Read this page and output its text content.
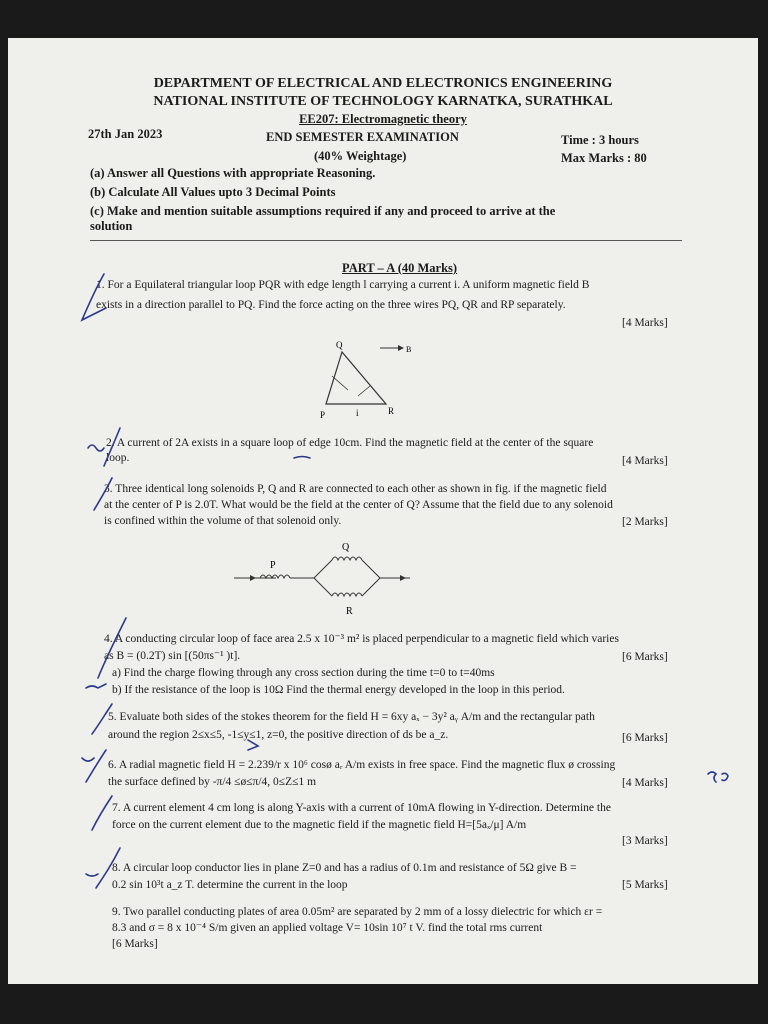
DEPARTMENT OF ELECTRICAL AND ELECTRONICS ENGINEERING
NATIONAL INSTITUTE OF TECHNOLOGY KARNATKA, SURATHKAL
EE207: Electromagnetic theory
27th Jan 2023	END SEMESTER EXAMINATION	Time : 3 hours
(40% Weightage)	Max Marks : 80
(a) Answer all Questions with appropriate Reasoning.
(b) Calculate All Values upto 3 Decimal Points
(c) Make and mention suitable assumptions required if any and proceed to arrive at the
solution
PART – A (40 Marks)
1. For a Equilateral triangular loop PQR with edge length l carrying a current i. A uniform magnetic field B
exists in a direction parallel to PQ. Find the force acting on the three wires PQ, QR and RP separately.
[4 Marks]
Q	B
P	i	R
2. A current of 2A exists in a square loop of edge 10cm. Find the magnetic field at the center of the square
loop.	[4 Marks]
3. Three identical long solenoids P, Q and R are connected to each other as shown in fig. if the magnetic field
at the center of P is 2.0T. What would be the field at the center of Q? Assume that the field due to any solenoid
is confined within the volume of that solenoid only.	[2 Marks]
P
Q
R
4. A conducting circular loop of face area 2.5 x 10⁻³ m² is placed perpendicular to a magnetic field which varies
as B = (0.2T) sin [(50πs⁻¹ )t].	[6 Marks]
a) Find the charge flowing through any cross section during the time t=0 to t=40ms
b) If the resistance of the loop is 10Ω Find the thermal energy developed in the loop in this period.
5. Evaluate both sides of the stokes theorem for the field H = 6xy aₓ − 3y² aᵧ A/m and the rectangular path
around the region 2≤x≤5, -1≤y≤1, z=0, the positive direction of ds be a_z.	[6 Marks]
6. A radial magnetic field H = 2.239/r x 10⁶ cosø aᵣ A/m exists in free space. Find the magnetic flux ø crossing
the surface defined by -π/4 ≤ø≤π/4, 0≤Z≤1 m	[4 Marks]
7. A current element 4 cm long is along Y-axis with a current of 10mA flowing in Y-direction. Determine the
force on the current element due to the magnetic field if the magnetic field H=[5aₓ/μ] A/m
[3 Marks]
8. A circular loop conductor lies in plane Z=0 and has a radius of 0.1m and resistance of 5Ω give B =
0.2 sin 10³t a_z T. determine the current in the loop	[5 Marks]
9. Two parallel conducting plates of area 0.05m² are separated by 2 mm of a lossy dielectric for which εr =
8.3 and σ = 8 x 10⁻⁴ S/m given an applied voltage V= 10sin 10⁷ t V. find the total rms current
[6 Marks]
